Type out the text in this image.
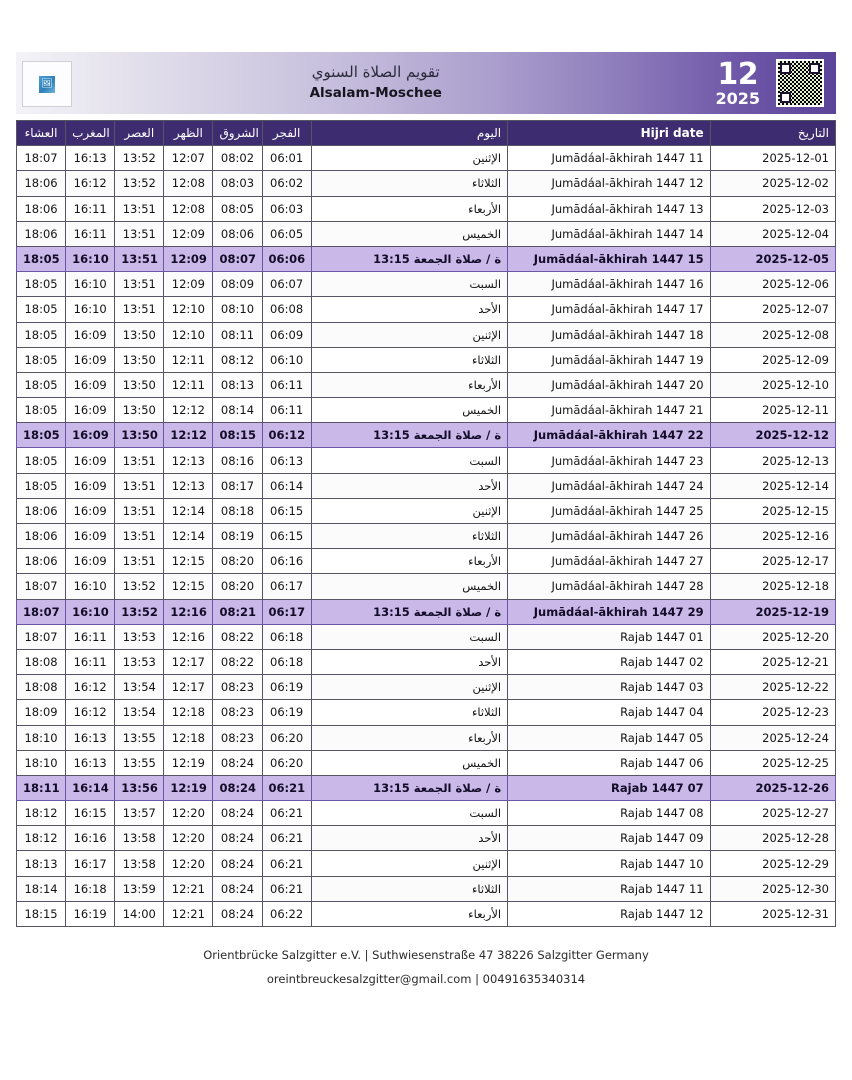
🖼
تقويم الصلاة السنوي
Alsalam-Moschee
12
2025
العشاء	المغرب	العصر	الظهر	الشروق	الفجر	اليوم	Hijri date	التاريخ
18:07	16:13	13:52	12:07	08:02	06:01	الإثنين	Jumādáal-ākhirah 1447 11	2025-12-01
18:06	16:12	13:52	12:08	08:03	06:02	الثلاثاء	Jumādáal-ākhirah 1447 12	2025-12-02
18:06	16:11	13:51	12:08	08:05	06:03	الأربعاء	Jumādáal-ākhirah 1447 13	2025-12-03
18:06	16:11	13:51	12:09	08:06	06:05	الخميس	Jumādáal-ākhirah 1447 14	2025-12-04
18:05	16:10	13:51	12:09	08:07	06:06	ة / صلاة الجمعة 13:15	Jumādáal-ākhirah 1447 15	2025-12-05
18:05	16:10	13:51	12:09	08:09	06:07	السبت	Jumādáal-ākhirah 1447 16	2025-12-06
18:05	16:10	13:51	12:10	08:10	06:08	الأحد	Jumādáal-ākhirah 1447 17	2025-12-07
18:05	16:09	13:50	12:10	08:11	06:09	الإثنين	Jumādáal-ākhirah 1447 18	2025-12-08
18:05	16:09	13:50	12:11	08:12	06:10	الثلاثاء	Jumādáal-ākhirah 1447 19	2025-12-09
18:05	16:09	13:50	12:11	08:13	06:11	الأربعاء	Jumādáal-ākhirah 1447 20	2025-12-10
18:05	16:09	13:50	12:12	08:14	06:11	الخميس	Jumādáal-ākhirah 1447 21	2025-12-11
18:05	16:09	13:50	12:12	08:15	06:12	ة / صلاة الجمعة 13:15	Jumādáal-ākhirah 1447 22	2025-12-12
18:05	16:09	13:51	12:13	08:16	06:13	السبت	Jumādáal-ākhirah 1447 23	2025-12-13
18:05	16:09	13:51	12:13	08:17	06:14	الأحد	Jumādáal-ākhirah 1447 24	2025-12-14
18:06	16:09	13:51	12:14	08:18	06:15	الإثنين	Jumādáal-ākhirah 1447 25	2025-12-15
18:06	16:09	13:51	12:14	08:19	06:15	الثلاثاء	Jumādáal-ākhirah 1447 26	2025-12-16
18:06	16:09	13:51	12:15	08:20	06:16	الأربعاء	Jumādáal-ākhirah 1447 27	2025-12-17
18:07	16:10	13:52	12:15	08:20	06:17	الخميس	Jumādáal-ākhirah 1447 28	2025-12-18
18:07	16:10	13:52	12:16	08:21	06:17	ة / صلاة الجمعة 13:15	Jumādáal-ākhirah 1447 29	2025-12-19
18:07	16:11	13:53	12:16	08:22	06:18	السبت	Rajab 1447 01	2025-12-20
18:08	16:11	13:53	12:17	08:22	06:18	الأحد	Rajab 1447 02	2025-12-21
18:08	16:12	13:54	12:17	08:23	06:19	الإثنين	Rajab 1447 03	2025-12-22
18:09	16:12	13:54	12:18	08:23	06:19	الثلاثاء	Rajab 1447 04	2025-12-23
18:10	16:13	13:55	12:18	08:23	06:20	الأربعاء	Rajab 1447 05	2025-12-24
18:10	16:13	13:55	12:19	08:24	06:20	الخميس	Rajab 1447 06	2025-12-25
18:11	16:14	13:56	12:19	08:24	06:21	ة / صلاة الجمعة 13:15	Rajab 1447 07	2025-12-26
18:12	16:15	13:57	12:20	08:24	06:21	السبت	Rajab 1447 08	2025-12-27
18:12	16:16	13:58	12:20	08:24	06:21	الأحد	Rajab 1447 09	2025-12-28
18:13	16:17	13:58	12:20	08:24	06:21	الإثنين	Rajab 1447 10	2025-12-29
18:14	16:18	13:59	12:21	08:24	06:21	الثلاثاء	Rajab 1447 11	2025-12-30
18:15	16:19	14:00	12:21	08:24	06:22	الأربعاء	Rajab 1447 12	2025-12-31
Orientbrücke Salzgitter e.V. | Suthwiesenstraße 47 38226 Salzgitter Germany
oreintbreuckesalzgitter@gmail.com | 00491635340314
